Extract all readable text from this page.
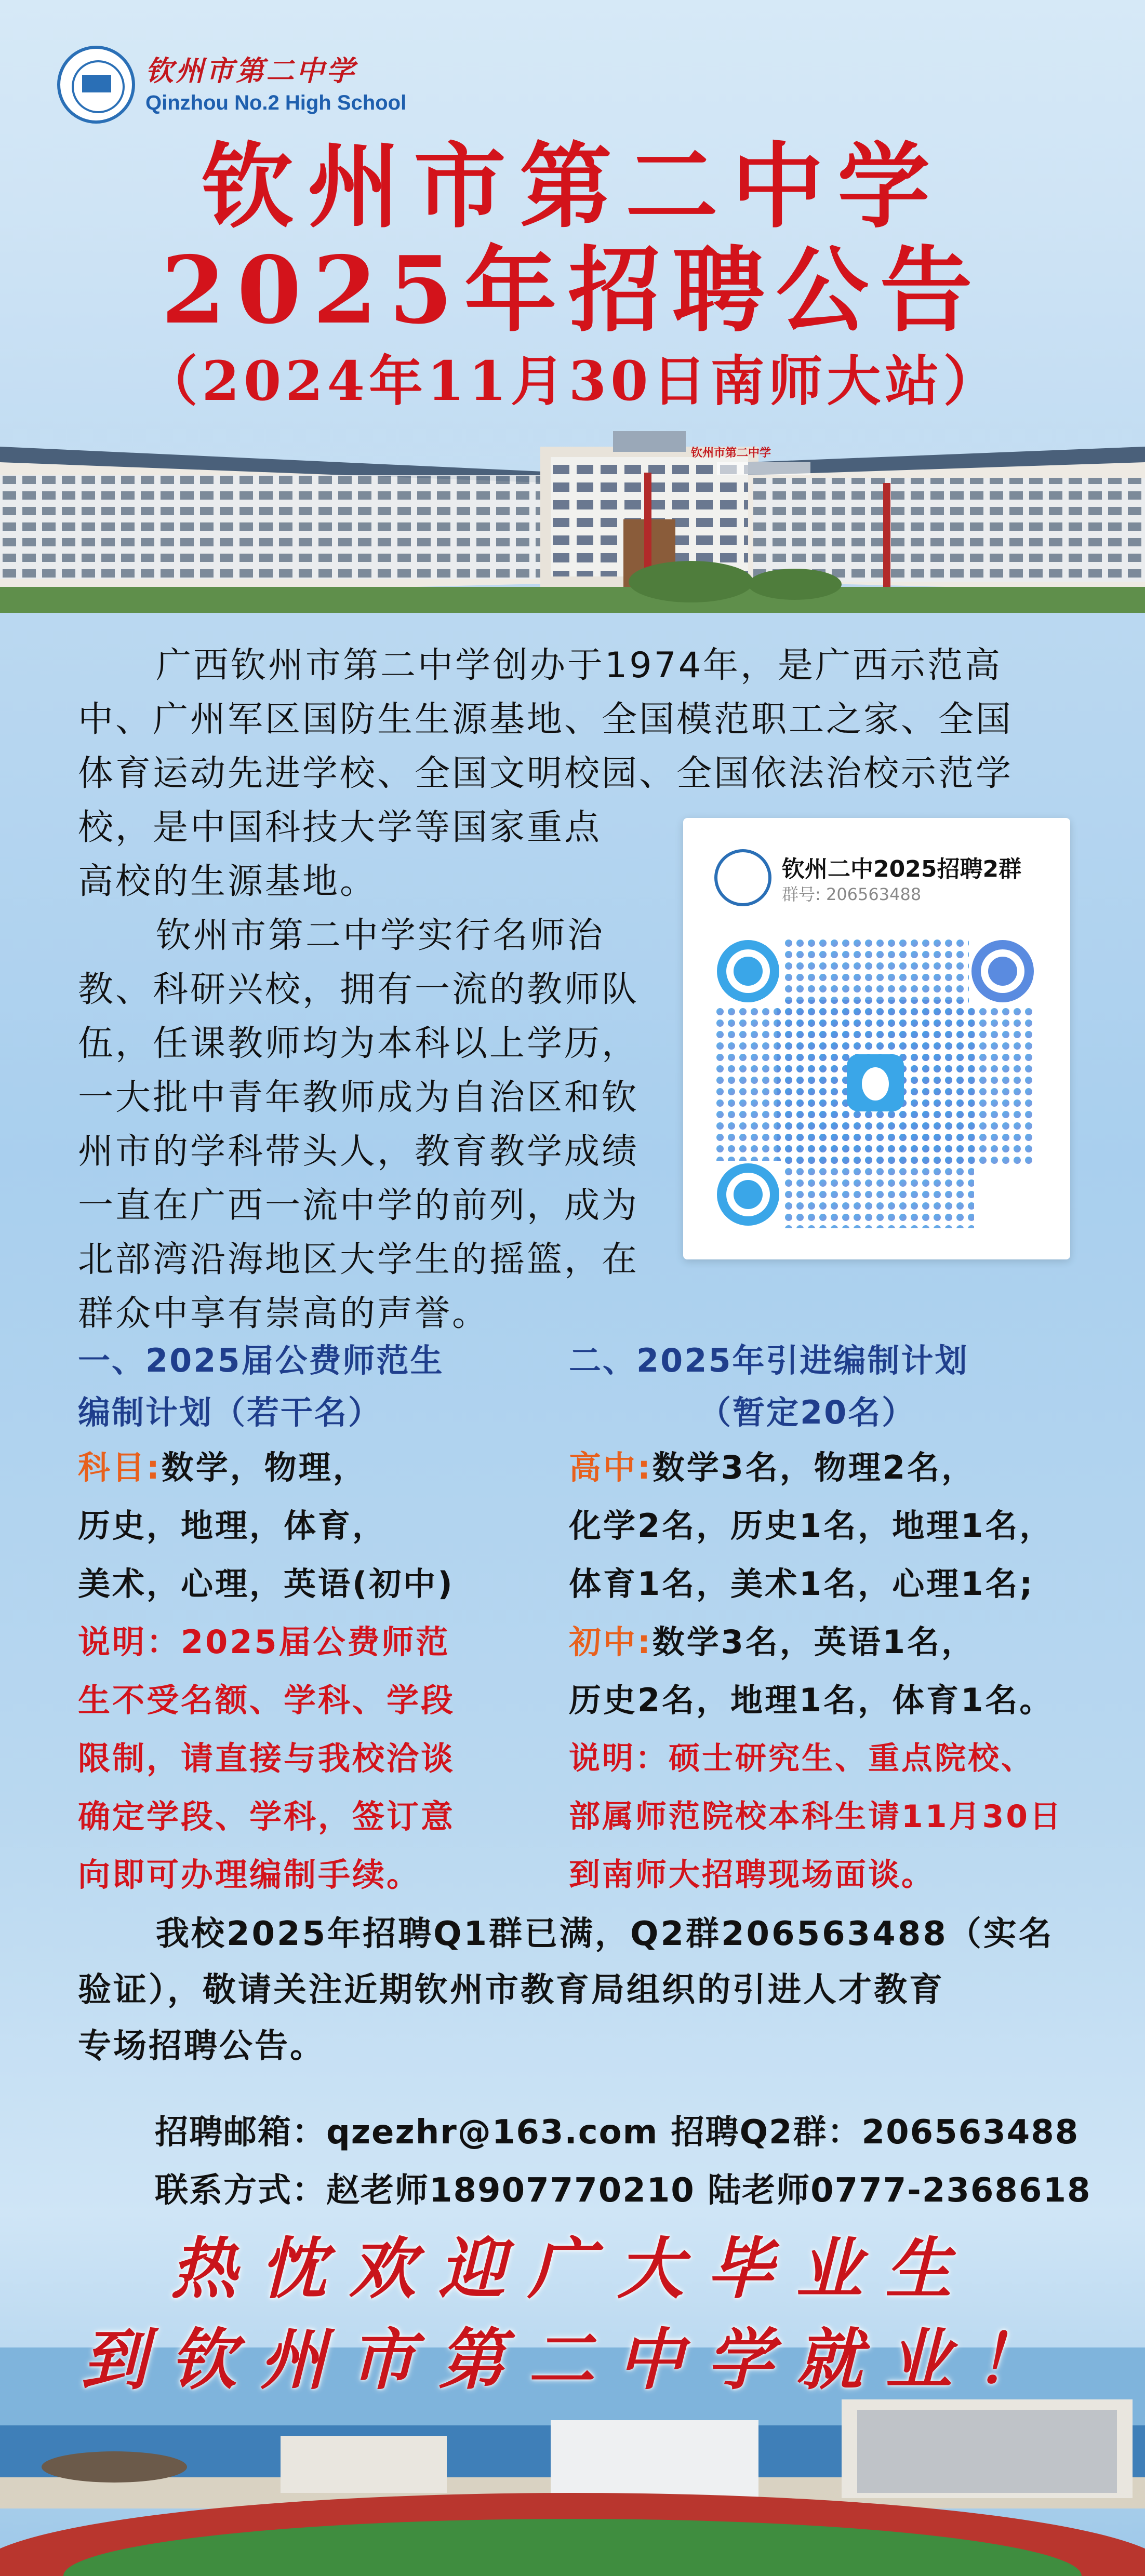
钦州市第二中学
Qinzhou No.2 High School
钦州市第二中学
2025年招聘公告
（2024年11月30日南师大站）
钦州市第二中学
广西钦州市第二中学创办于1974年，是广西示范高
中、广州军区国防生生源基地、全国模范职工之家、全国
体育运动先进学校、全国文明校园、全国依法治校示范学
校，是中国科技大学等国家重点
高校的生源基地。
钦州市第二中学实行名师治
教、科研兴校，拥有一流的教师队
伍，任课教师均为本科以上学历，
一大批中青年教师成为自治区和钦
州市的学科带头人，教育教学成绩
一直在广西一流中学的前列，成为
北部湾沿海地区大学生的摇篮，在
群众中享有崇高的声誉。
钦州二中2025招聘2群
群号: 206563488
一、2025届公费师范生
编制计划（若干名）
科目:数学，物理，
历史，地理，体育，
美术，心理，英语(初中)
说明：2025届公费师范
生不受名额、学科、学段
限制，请直接与我校洽谈
确定学段、学科，签订意
向即可办理编制手续。
二、2025年引进编制计划
（暂定20名）
高中:数学3名，物理2名，
化学2名，历史1名，地理1名，
体育1名，美术1名，心理1名;
初中:数学3名，英语1名，
历史2名，地理1名，体育1名。
说明：硕士研究生、重点院校、
部属师范院校本科生请11月30日
到南师大招聘现场面谈。
我校2025年招聘Q1群已满，Q2群206563488（实名
验证），敬请关注近期钦州市教育局组织的引进人才教育
专场招聘公告。
招聘邮箱：qzezhr@163.com 招聘Q2群：206563488
联系方式：赵老师18907770210 陆老师0777-2368618
热忱欢迎广大毕业生
到钦州市第二中学就业！
